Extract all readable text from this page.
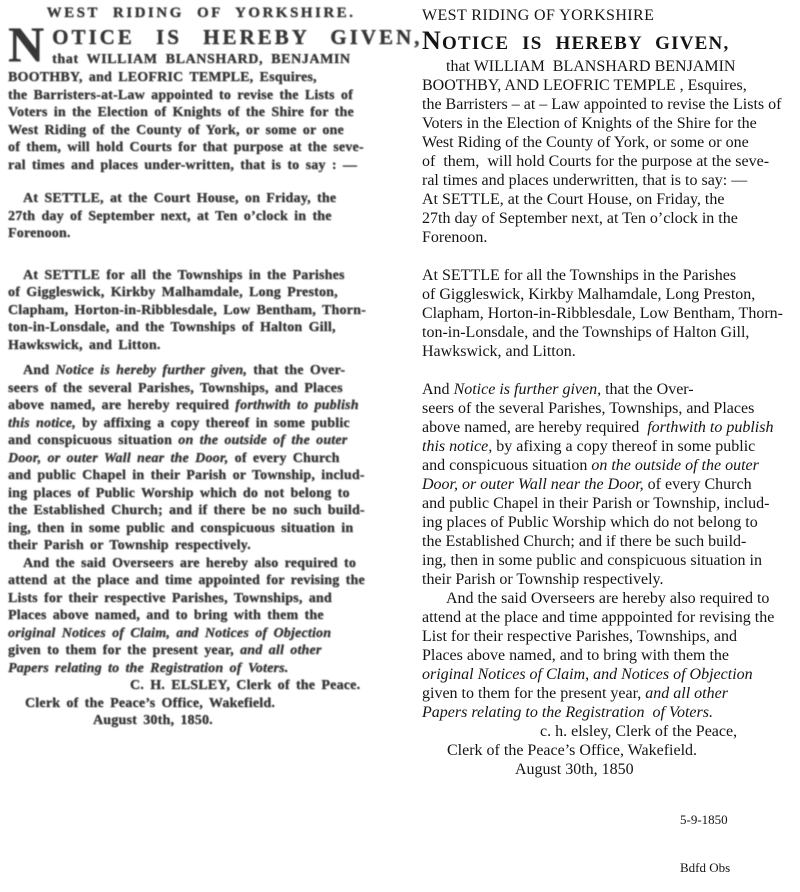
WEST RIDING OF YORKSHIRE.
N OTICE IS HEREBY GIVEN,
that WILLIAM BLANSHARD, BENJAMIN
BOOTHBY, and LEOFRIC TEMPLE, Esquires,
the Barristers-at-Law appointed to revise the Lists of
Voters in the Election of Knights of the Shire for the
West Riding of the County of York, or some or one
of them, will hold Courts for that purpose at the seve-
ral times and places under-written, that is to say : —
At SETTLE, at the Court House, on Friday, the
27th day of September next, at Ten o’clock in the
Forenoon.
At SETTLE for all the Townships in the Parishes
of Giggleswick, Kirkby Malhamdale, Long Preston,
Clapham, Horton-in-Ribblesdale, Low Bentham, Thorn-
ton-in-Lonsdale, and the Townships of Halton Gill,
Hawkswick, and Litton.
And Notice is hereby further given, that the Over-
seers of the several Parishes, Townships, and Places
above named, are hereby required forthwith to publish
this notice, by affixing a copy thereof in some public
and conspicuous situation on the outside of the outer
Door, or outer Wall near the Door, of every Church
and public Chapel in their Parish or Township, includ-
ing places of Public Worship which do not belong to
the Established Church; and if there be no such build-
ing, then in some public and conspicuous situation in
their Parish or Township respectively.
And the said Overseers are hereby also required to
attend at the place and time appointed for revising the
Lists for their respective Parishes, Townships, and
Places above named, and to bring with them the
original Notices of Claim, and Notices of Objection
given to them for the present year, and all other
Papers relating to the Registration of Voters.
C. H. ELSLEY, Clerk of the Peace.
Clerk of the Peace’s Office, Wakefield.
August 30th, 1850.
WEST RIDING OF YORKSHIRE
NOTICE IS HEREBY GIVEN,
that WILLIAM  BLANSHARD BENJAMIN
BOOTHBY, AND LEOFRIC TEMPLE , Esquires,
the Barristers – at – Law appointed to revise the Lists of
Voters in the Election of Knights of the Shire for the
West Riding of the County of York, or some or one
of  them,  will hold Courts for the purpose at the seve-
ral times and places underwritten, that is to say: —
At SETTLE, at the Court House, on Friday, the
27th day of September next, at Ten o’clock in the
Forenoon.
At SETTLE for all the Townships in the Parishes
of Giggleswick, Kirkby Malhamdale, Long Preston,
Clapham, Horton-in-Ribblesdale, Low Bentham, Thorn-
ton-in-Lonsdale, and the Townships of Halton Gill,
Hawkswick, and Litton.
And Notice is further given, that the Over-
seers of the several Parishes, Townships, and Places
above named, are hereby required  forthwith to publish
this notice, by afixing a copy thereof in some public
and conspicuous situation on the outside of the outer
Door, or outer Wall near the Door, of every Church
and public Chapel in their Parish or Township, includ-
ing places of Public Worship which do not belong to
the Established Church; and if there be such build-
ing, then in some public and conspicuous situation in
their Parish or Township respectively.
And the said Overseers are hereby also required to
attend at the place and time apppointed for revising the
List for their respective Parishes, Townships, and
Places above named, and to bring with them the
original Notices of Claim, and Notices of Objection
given to them for the present year, and all other
Papers relating to the Registration  of Voters.
c. h. elsley, Clerk of the Peace,
Clerk of the Peace’s Office, Wakefield.
August 30th, 1850

5-9-1850

Bdfd Obs
